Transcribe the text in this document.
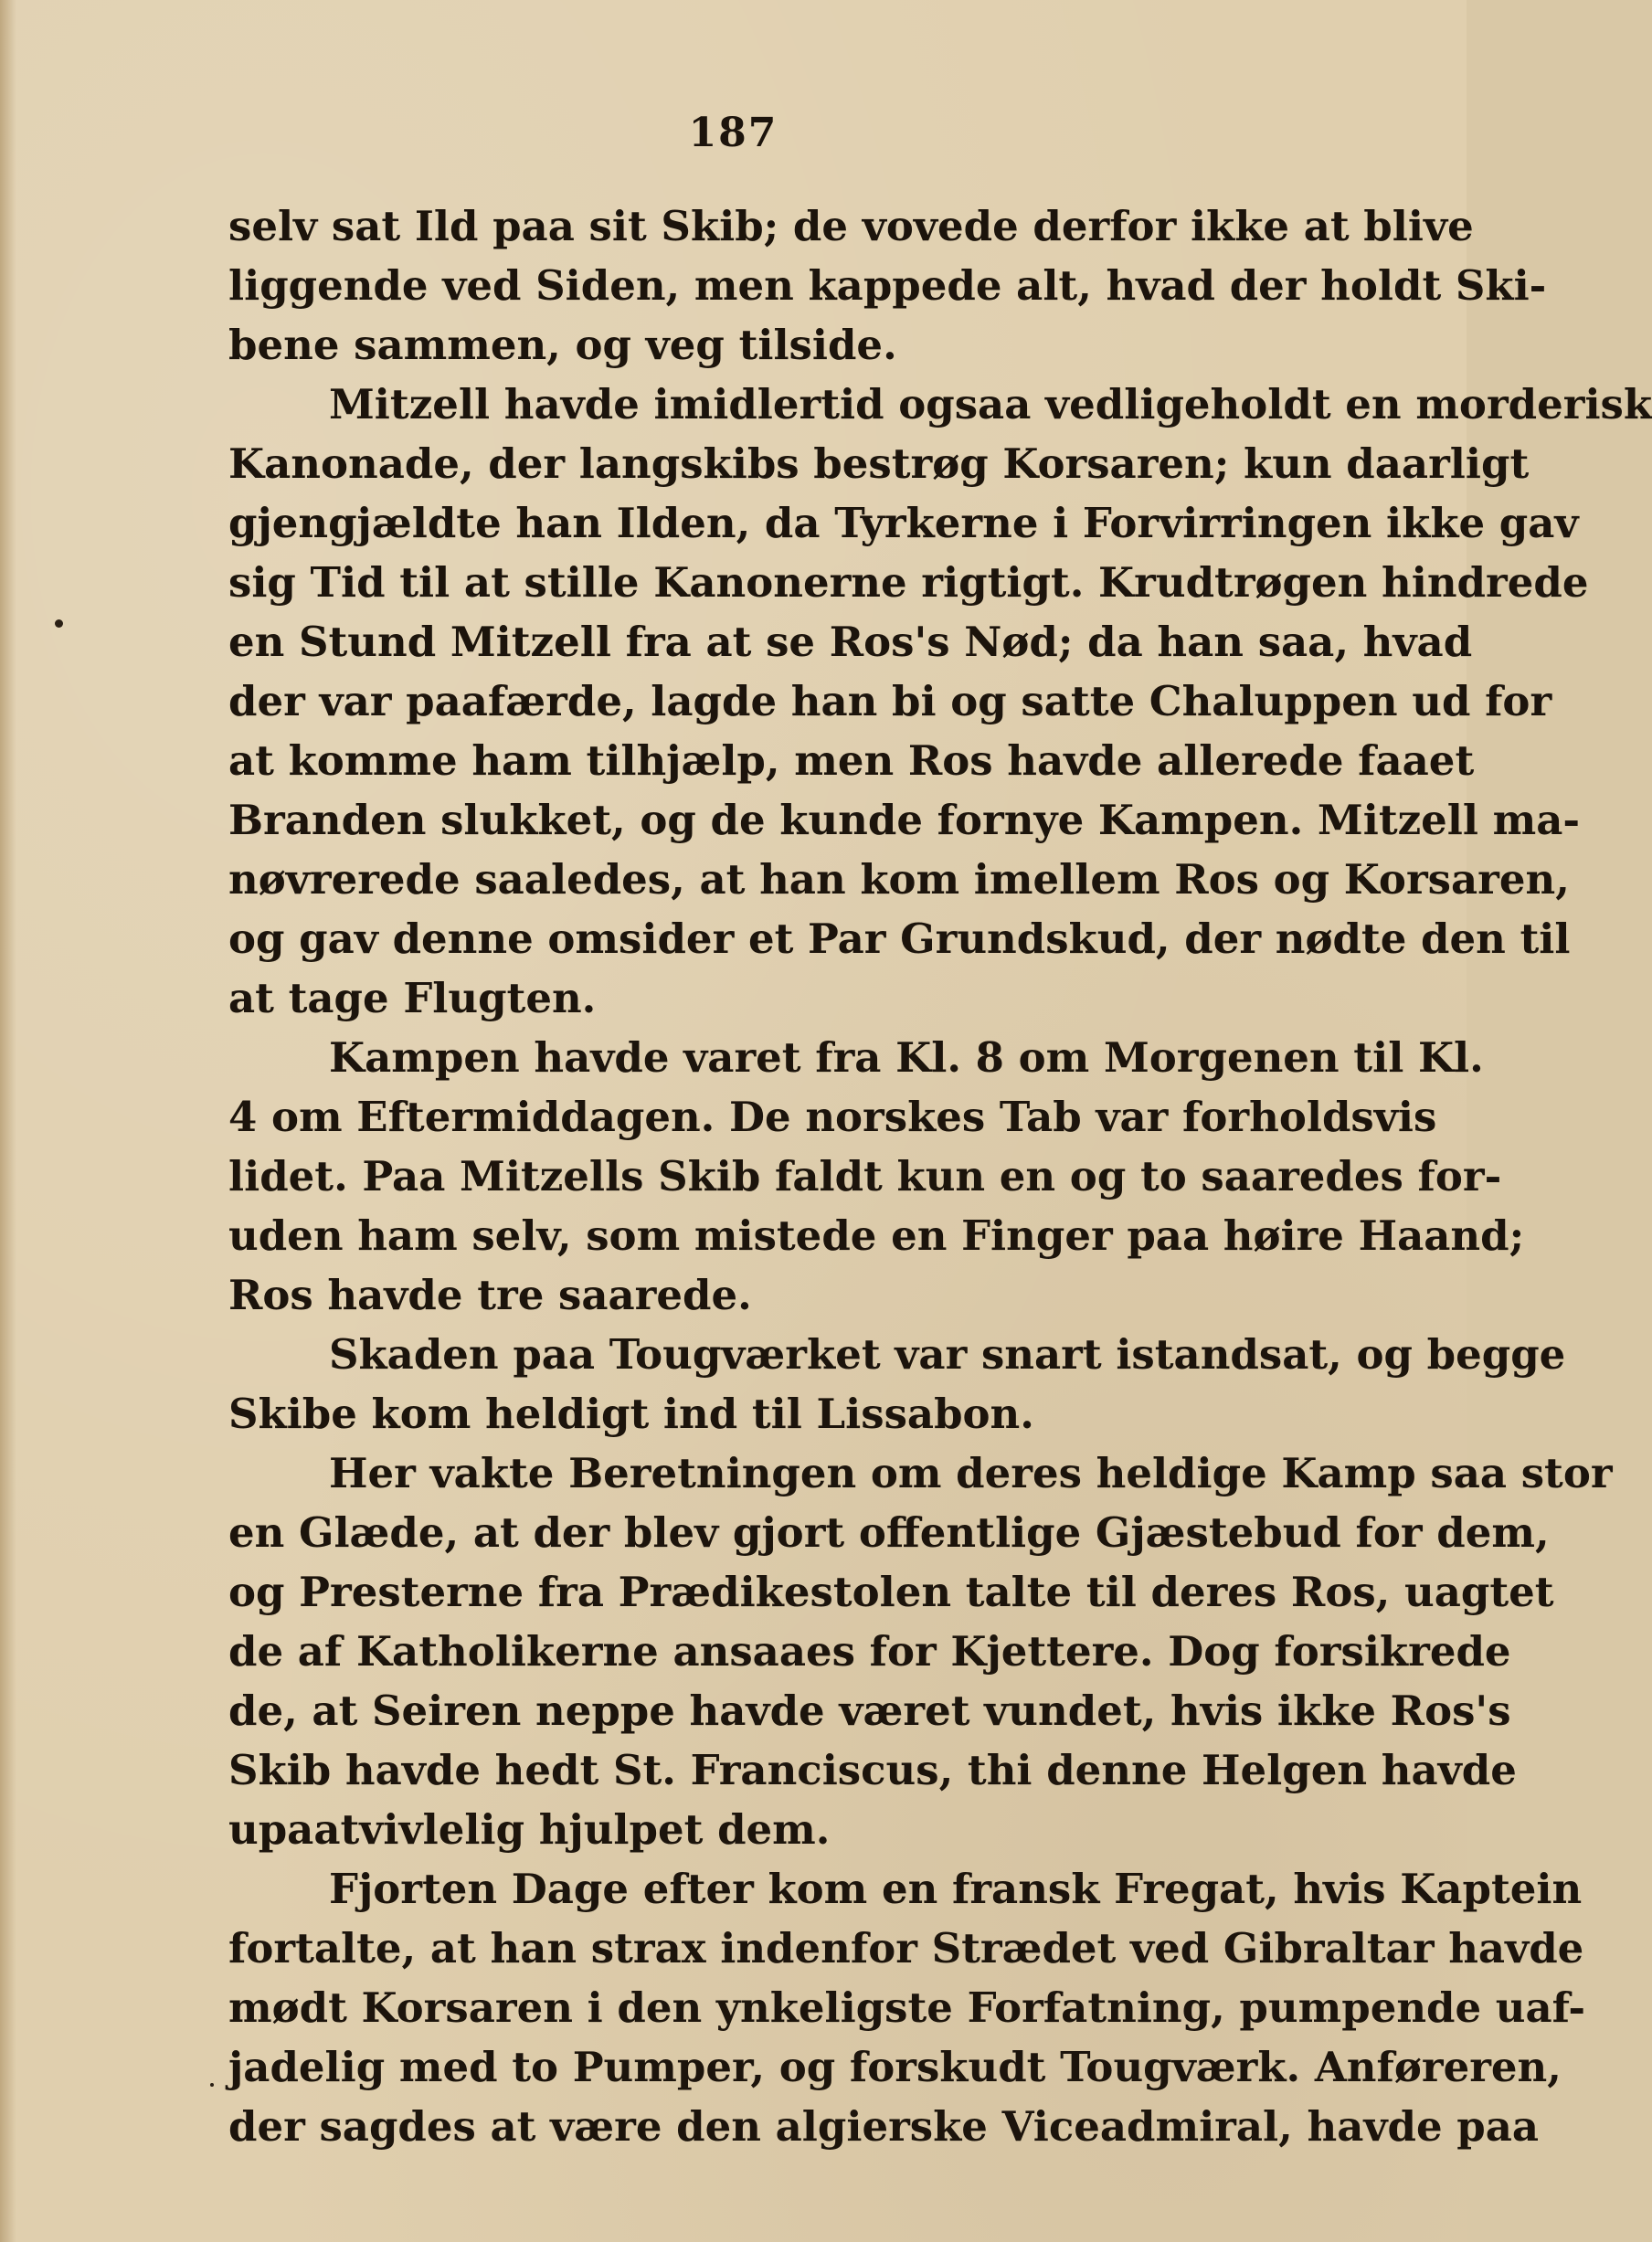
187
selv sat Ild paa sit Skib; de vovede derfor ikke at blive
liggende ved Siden, men kappede alt, hvad der holdt Ski-
bene sammen, og veg tilside.
Mitzell havde imidlertid ogsaa vedligeholdt en morderisk
Kanonade, der langskibs bestrøg Korsaren; kun daarligt
gjengjældte han Ilden, da Tyrkerne i Forvirringen ikke gav
sig Tid til at stille Kanonerne rigtigt. Krudtrøgen hindrede
en Stund Mitzell fra at se Ros's Nød; da han saa, hvad
der var paafærde, lagde han bi og satte Chaluppen ud for
at komme ham tilhjælp, men Ros havde allerede faaet
Branden slukket, og de kunde fornye Kampen. Mitzell ma-
nøvrerede saaledes, at han kom imellem Ros og Korsaren,
og gav denne omsider et Par Grundskud, der nødte den til
at tage Flugten.
Kampen havde varet fra Kl. 8 om Morgenen til Kl.
4 om Eftermiddagen. De norskes Tab var forholdsvis
lidet. Paa Mitzells Skib faldt kun en og to saaredes for-
uden ham selv, som mistede en Finger paa høire Haand;
Ros havde tre saarede.
Skaden paa Tougværket var snart istandsat, og begge
Skibe kom heldigt ind til Lissabon.
Her vakte Beretningen om deres heldige Kamp saa stor
en Glæde, at der blev gjort offentlige Gjæstebud for dem,
og Presterne fra Prædikestolen talte til deres Ros, uagtet
de af Katholikerne ansaaes for Kjettere. Dog forsikrede
de, at Seiren neppe havde været vundet, hvis ikke Ros's
Skib havde hedt St. Franciscus, thi denne Helgen havde
upaatvivlelig hjulpet dem.
Fjorten Dage efter kom en fransk Fregat, hvis Kaptein
fortalte, at han strax indenfor Strædet ved Gibraltar havde
mødt Korsaren i den ynkeligste Forfatning, pumpende uaf-
jadelig med to Pumper, og forskudt Tougværk. Anføreren,
der sagdes at være den algierske Viceadmiral, havde paa
